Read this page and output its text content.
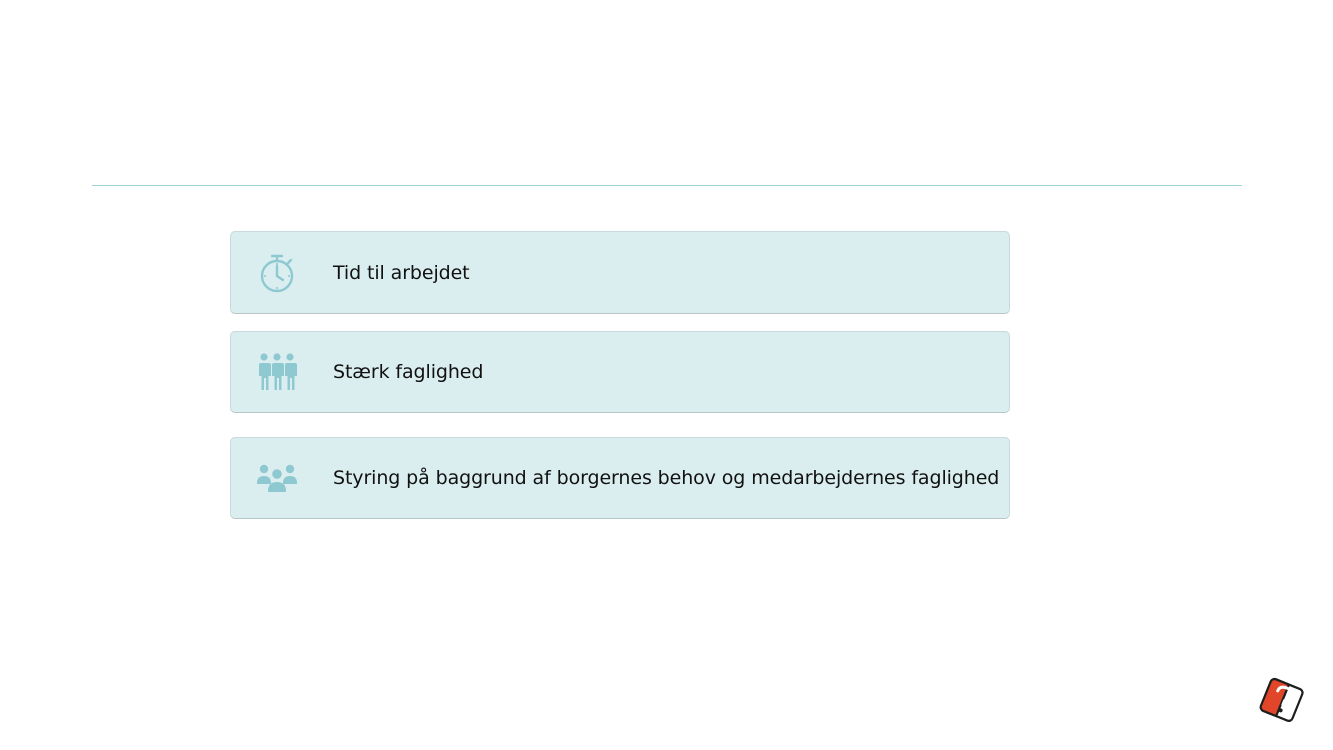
Tid til arbejdet
Stærk faglighed
Styring på baggrund af borgernes behov og medarbejdernes faglighed
